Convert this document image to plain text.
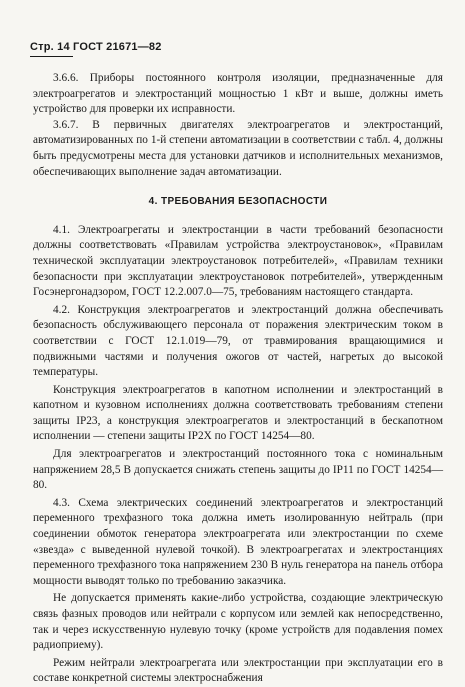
Стр. 14 ГОСТ 21671—82

3.6.6. Приборы постоянного контроля изоляции, предназначенные для электроагрегатов и электростанций мощностью 1 кВт и выше, должны иметь устройство для проверки их исправности.

3.6.7. В первичных двигателях электроагрегатов и электростанций, автоматизированных по 1-й степени автоматизации в соответствии с табл. 4, должны быть предусмотрены места для установки датчиков и исполнительных механизмов, обеспечивающих выполнение задач автоматизации.

4. ТРЕБОВАНИЯ БЕЗОПАСНОСТИ

4.1. Электроагрегаты и электростанции в части требований безопасности должны соответствовать «Правилам устройства электроустановок», «Правилам технической эксплуатации электроустановок потребителей», «Правилам техники безопасности при эксплуатации электроустановок потребителей», утвержденным Госэнергонадзором, ГОСТ 12.2.007.0—75, требованиям настоящего стандарта.

4.2. Конструкция электроагрегатов и электростанций должна обеспечивать безопасность обслуживающего персонала от поражения электрическим током в соответствии с ГОСТ 12.1.019—79, от травмирования вращающимися и подвижными частями и получения ожогов от частей, нагретых до высокой температуры.

Конструкция электроагрегатов в капотном исполнении и электростанций в капотном и кузовном исполнениях должна соответствовать требованиям степени защиты IP23, а конструкция электроагрегатов и электростанций в бескапотном исполнении — степени защиты IP2X по ГОСТ 14254—80.

Для электроагрегатов и электростанций постоянного тока с номинальным напряжением 28,5 В допускается снижать степень защиты до IP11 по ГОСТ 14254—80.

4.3. Схема электрических соединений электроагрегатов и электростанций переменного трехфазного тока должна иметь изолированную нейтраль (при соединении обмоток генератора электроагрегата или электростанции по схеме «звезда» с выведенной нулевой точкой). В электроагрегатах и электростанциях переменного трехфазного тока напряжением 230 В нуль генератора на панель отбора мощности выводят только по требованию заказчика.

Не допускается применять какие-либо устройства, создающие электрическую связь фазных проводов или нейтрали с корпусом или землей как непосредственно, так и через искусственную нулевую точку (кроме устройств для подавления помех радиоприему).

Режим нейтрали электроагрегата или электростанции при эксплуатации его в составе конкретной системы электроснабжения
